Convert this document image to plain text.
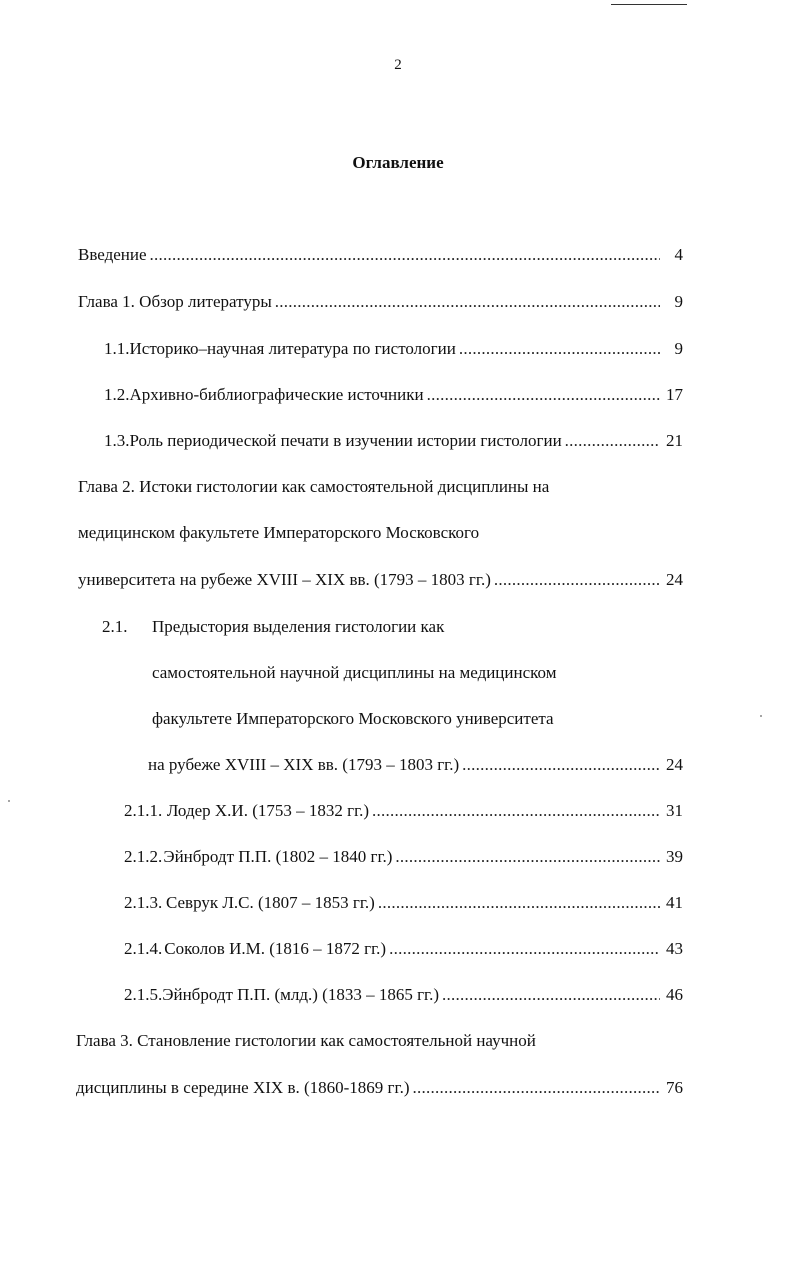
2
Оглавление
Введение . . .	4
Глава 1. Обзор литературы . . .	9
1.1. Историко–научная литература по гистологии . . .	9
1.2. Архивно-библиографические источники . . .	17
1.3. Роль периодической печати в изучении истории гистологии . . .	21
Глава 2. Истоки гистологии как самостоятельной дисциплины на
медицинском факультете Императорского Московского
университета на рубеже XVIII – XIX вв. (1793 – 1803 гг.) . . .	24
2.1.	Предыстория выделения гистологии как
самостоятельной научной дисциплины на медицинском
факультете Императорского Московского университета
на рубеже XVIII – XIX вв. (1793 – 1803 гг.) . . .	24
2.1.1. Лодер Х.И. (1753 – 1832 гг.) . . .	31
2.1.2. Эйнбродт П.П. (1802 – 1840 гг.) . . .	39
2.1.3. Севрук Л.С. (1807 – 1853 гг.) . . .	41
2.1.4. Соколов И.М. (1816 – 1872 гг.) . . .	43
2.1.5. Эйнбродт П.П. (млд.) (1833 – 1865 гг.) . . .	46
Глава 3. Становление гистологии как самостоятельной научной
дисциплины в середине XIX в. (1860-1869 гг.) . . .	76
